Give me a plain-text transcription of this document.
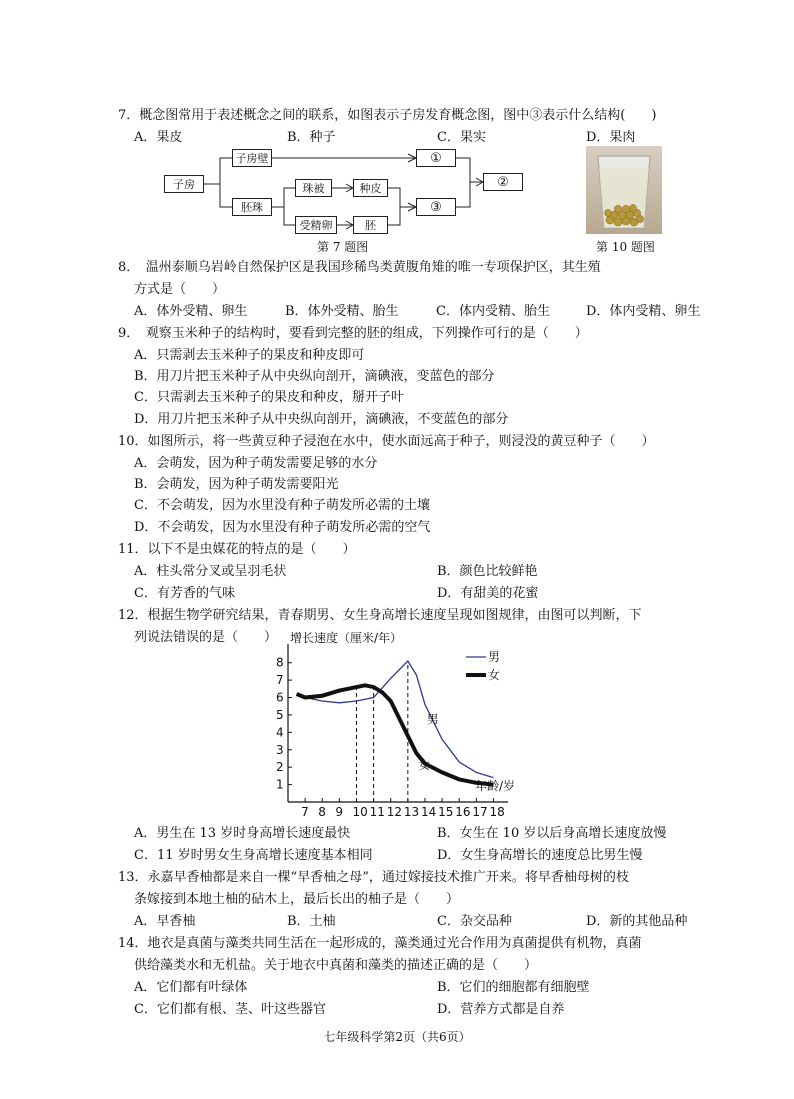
7．概念图常用于表述概念之间的联系，如图表示子房发育概念图，图中③表示什么结构(　　)
A．果皮	B．种子	C．果实	D．果肉
子房
子房壁
胚珠
珠被
受精卵
种皮
胚
①
③
②
第 7 题图	第 10 题图
8．　温州泰顺乌岩岭自然保护区是我国珍稀鸟类黄腹角雉的唯一专项保护区，其生殖
方式是（　　）
A．体外受精、卵生	B．体外受精、胎生	C．体内受精、胎生	D．体内受精、卵生
9．　观察玉米种子的结构时，要看到完整的胚的组成，下列操作可行的是（　　）
A．只需剥去玉米种子的果皮和种皮即可
B．用刀片把玉米种子从中央纵向剖开，滴碘液，变蓝色的部分
C．只需剥去玉米种子的果皮和种皮，掰开子叶
D．用刀片把玉米种子从中央纵向剖开，滴碘液，不变蓝色的部分
10．如图所示，将一些黄豆种子浸泡在水中，使水面远高于种子，则浸没的黄豆种子（　　）
A．会萌发，因为种子萌发需要足够的水分
B．会萌发，因为种子萌发需要阳光
C．不会萌发，因为水里没有种子萌发所必需的土壤
D．不会萌发，因为水里没有种子萌发所必需的空气
11．以下不是虫媒花的特点的是（　　）
A．柱头常分叉或呈羽毛状	B．颜色比较鲜艳
C．有芳香的气味	D．有甜美的花蜜
12．根据生物学研究结果，青春期男、女生身高增长速度呈现如图规律，由图可以判断，下
列说法错误的是（　　） 增长速度（厘米/年）
年龄/岁
1
2
3
4
5
6
7
8
7 8 9 10 11 12 13 14 15 16 17 18
男
女
男
女
A．男生在 13 岁时身高增长速度最快	B．女生在 10 岁以后身高增长速度放慢
C．11 岁时男女生身高增长速度基本相同	D．女生身高增长的速度总比男生慢
13．永嘉早香柚都是来自一棵“早香柚之母”，通过嫁接技术推广开来。将早香柚母树的枝
条嫁接到本地土柚的砧木上，最后长出的柚子是（　　）
A．早香柚	B．土柚	C．杂交品种	D．新的其他品种
14．地衣是真菌与藻类共同生活在一起形成的，藻类通过光合作用为真菌提供有机物，真菌
供给藻类水和无机盐。关于地衣中真菌和藻类的描述正确的是（　　）
A．它们都有叶绿体	B．它们的细胞都有细胞壁
C．它们都有根、茎、叶这些器官	D．营养方式都是自养
七年级科学第2页（共6页）
